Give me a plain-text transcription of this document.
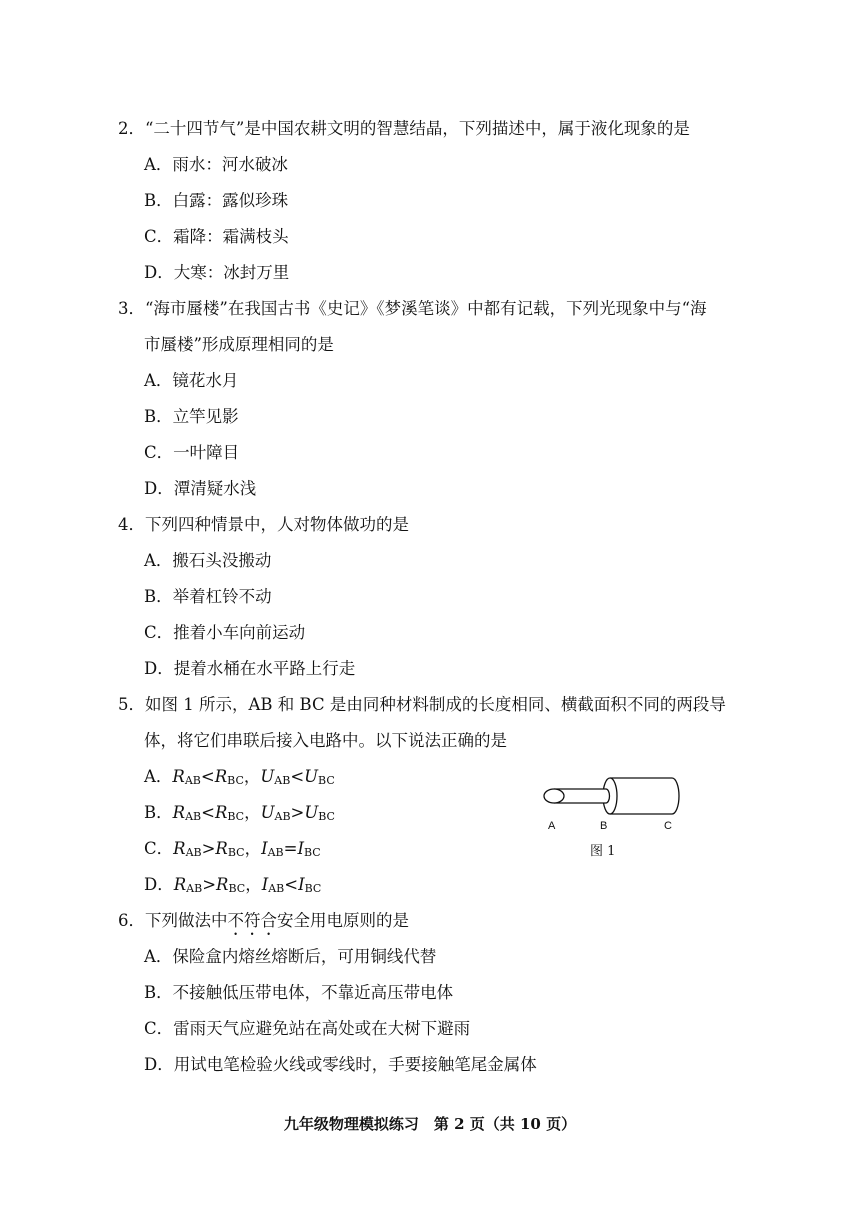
2．“二十四节气”是中国农耕文明的智慧结晶，下列描述中，属于液化现象的是
A．雨水：河水破冰
B．白露：露似珍珠
C．霜降：霜满枝头
D．大寒：冰封万里
3．“海市蜃楼”在我国古书《史记》《梦溪笔谈》中都有记载，下列光现象中与“海
市蜃楼”形成原理相同的是
A．镜花水月
B．立竿见影
C．一叶障目
D．潭清疑水浅
4．下列四种情景中，人对物体做功的是
A．搬石头没搬动
B．举着杠铃不动
C．推着小车向前运动
D．提着水桶在水平路上行走
5．如图 1 所示，AB 和 BC 是由同种材料制成的长度相同、横截面积不同的两段导
体，将它们串联后接入电路中。以下说法正确的是
A．RAB<RBC，UAB<UBC
B．RAB<RBC，UAB>UBC
C．RAB>RBC，IAB=IBC
D．RAB>RBC，IAB<IBC
A	B	C
图 1
6．下列做法中不符合安全用电原则的是
A．保险盒内熔丝熔断后，可用铜线代替
B．不接触低压带电体，不靠近高压带电体
C．雷雨天气应避免站在高处或在大树下避雨
D．用试电笔检验火线或零线时，手要接触笔尾金属体
九年级物理模拟练习　第 2 页（共 10 页）
